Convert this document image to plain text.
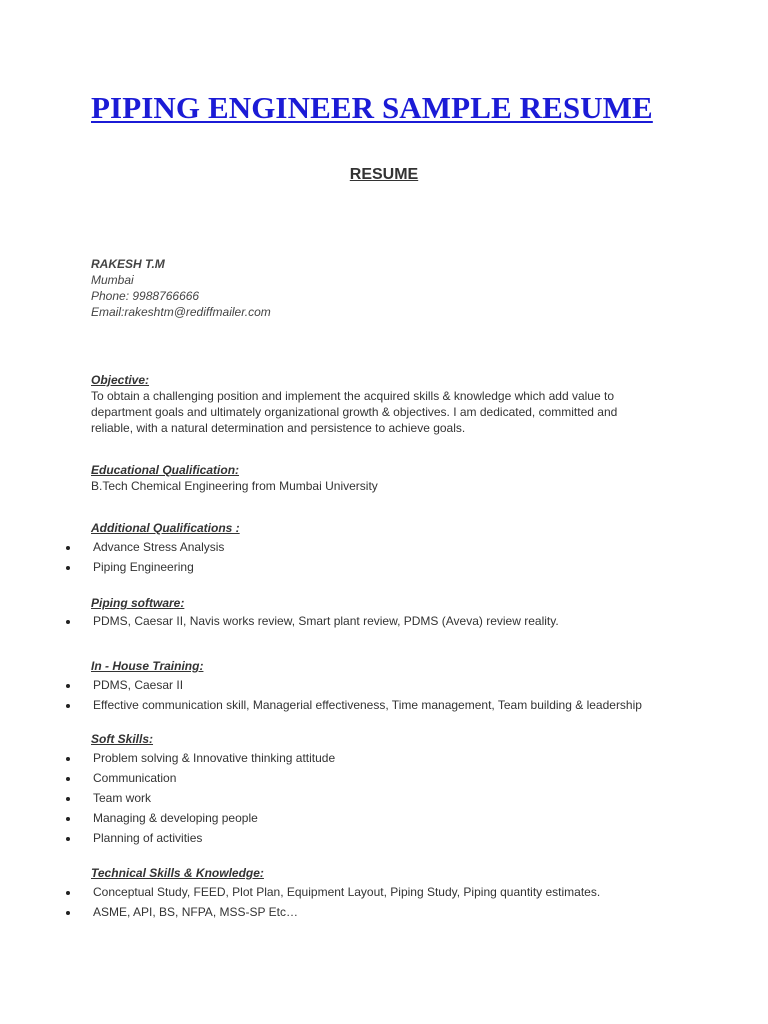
PIPING ENGINEER SAMPLE RESUME
RESUME
RAKESH T.M
Mumbai
Phone: 9988766666
Email:rakeshtm@rediffmailer.com
Objective:

To obtain a challenging position and implement the acquired skills & knowledge which add value to

department goals and ultimately organizational growth & objectives. I am dedicated, committed and

reliable, with a natural determination and persistence to achieve goals.

Educational Qualification:

B.Tech Chemical Engineering from Mumbai University

Additional Qualifications :
Advance Stress Analysis
Piping Engineering
Piping software:
PDMS, Caesar II, Navis works review, Smart plant review, PDMS (Aveva) review reality.
In - House Training:
PDMS, Caesar II
Effective communication skill, Managerial effectiveness, Time management, Team building & leadership
Soft Skills:
Problem solving & Innovative thinking attitude
Communication
Team work
Managing & developing people
Planning of activities
Technical Skills & Knowledge:
Conceptual Study, FEED, Plot Plan, Equipment Layout, Piping Study, Piping quantity estimates.
ASME, API, BS, NFPA, MSS-SP Etc…
